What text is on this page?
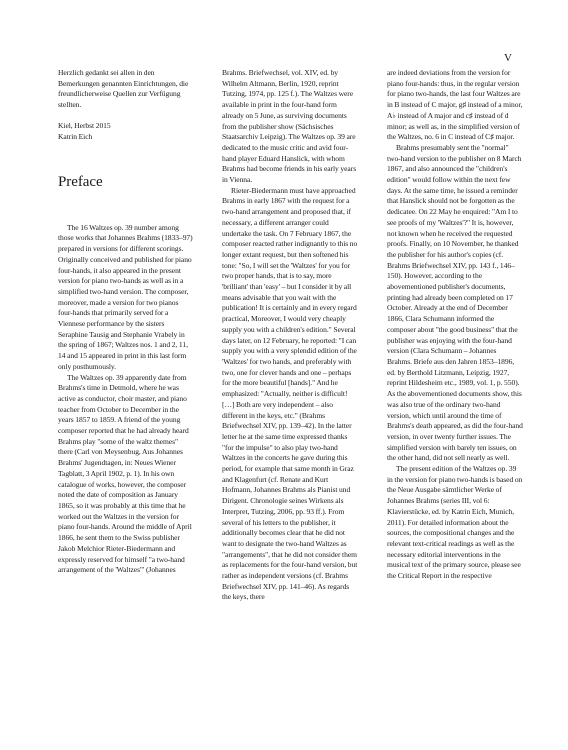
V

Herzlich gedankt sei allen in den Bemerkungen genannten Einrichtungen, die freundlicherweise Quellen zur Verfügung stellten.

Kiel, Herbst 2015

Katrin Eich

Preface

The 16 Waltzes op. 39 number among those works that Johannes Brahms (1833–97) prepared in versions for different scorings. Originally conceived and published for piano four-hands, it also appeared in the present version for piano two-hands as well as in a simplified two-hand version. The composer, moreover, made a version for two pianos four-hands that primarily served for a Viennese performance by the sisters Seraphine Tausig and Stephanie Vrabely in the spring of 1867; Waltzes nos. 1 and 2, 11, 14 and 15 appeared in print in this last form only posthumously.

The Waltzes op. 39 apparently date from Brahms's time in Detmold, where he was active as conductor, choir master, and piano teacher from October to December in the years 1857 to 1859. A friend of the young composer reported that he had already heard Brahms play "some of the waltz themes" there (Carl von Meysenbug, Aus Johannes Brahms' Jugendtagen, in: Neues Wiener Tagblatt, 3 April 1902, p. 1). In his own catalogue of works, however, the composer noted the date of composition as January 1865, so it was probably at this time that he worked out the Waltzes in the version for piano four-hands. Around the middle of April 1866, he sent them to the Swiss publisher Jakob Melchior Rieter-Biedermann and expressly reserved for himself "a two-hand arrangement of the 'Waltzes'" (Johannes

Brahms. Briefwechsel, vol. XIV, ed. by Wilhelm Altmann, Berlin, 1920, reprint Tutzing, 1974, pp. 125 f.). The Waltzes were available in print in the four-hand form already on 5 June, as surviving documents from the publisher show (Sächsisches Staatsarchiv Leipzig). The Waltzes op. 39 are dedicated to the music critic and avid four-hand player Eduard Hanslick, with whom Brahms had become friends in his early years in Vienna.

Rieter-Biedermann must have approached Brahms in early 1867 with the request for a two-hand arrangement and proposed that, if necessary, a different arranger could undertake the task. On 7 February 1867, the composer reacted rather indignantly to this no longer extant request, but then softened his tone: "So, I will set the 'Waltzes' for you for two proper hands, that is to say, more 'brilliant' than 'easy' – but I consider it by all means advisable that you wait with the publication! It is certainly and in every regard practical, Moreover, I would very cheaply supply you with a children's edition." Several days later, on 12 February, he reported: "I can supply you with a very splendid edition of the 'Waltzes' for two hands, and preferably with two, one for clever hands and one – perhaps for the more beautiful [hands]." And he emphasized: "Actually, neither is difficult! […] Both are very independent – also different in the keys, etc." (Brahms Briefwechsel XIV, pp. 139–42). In the latter letter he at the same time expressed thanks "for the impulse" to also play two-hand Waltzes in the concerts he gave during this period, for example that same month in Graz and Klagenfurt (cf. Renate and Kurt Hofmann, Johannes Brahms als Pianist und Dirigent. Chronologie seines Wirkens als Interpret, Tutzing, 2006, pp. 93 ff.). From several of his letters to the publisher, it additionally becomes clear that he did not want to designate the two-hand Waltzes as "arrangements", that he did not consider them as replacements for the four-hand version, but rather as independent versions (cf. Brahms Briefwechsel XIV, pp. 141–46). As regards the keys, there

are indeed deviations from the version for piano four-hands: thus, in the regular version for piano two-hands, the last four Waltzes are in B instead of C major, g♯ instead of a minor, A♭ instead of A major and c♯ instead of d minor; as well as, in the simplified version of the Waltzes, no. 6 in C instead of C♯ major.

Brahms presumably sent the "normal" two-hand version to the publisher on 8 March 1867, and also announced the "children's edition" would follow within the next few days. At the same time, he issued a reminder that Hanslick should not be forgotten as the dedicatee. On 22 May he enquired: "Am I to see proofs of my 'Waltzes'?" It is, however, not known when he received the requested proofs. Finally, on 10 November, he thanked the publisher for his author's copies (cf. Brahms Briefwechsel XIV, pp. 143 f., 146–150). However, according to the abovementioned publisher's documents, printing had already been completed on 17 October. Already at the end of December 1866, Clara Schumann informed the composer about "the good business" that the publisher was enjoying with the four-hand version (Clara Schumann – Johannes Brahms. Briefe aus den Jahren 1853–1896, ed. by Berthold Litzmann, Leipzig, 1927, reprint Hildesheim etc., 1989, vol. 1, p. 550). As the abovementioned documents show, this was also true of the ordinary two-hand version, which until around the time of Brahms's death appeared, as did the four-hand version, in over twenty further issues. The simplified version with barely ten issues, on the other hand, did not sell nearly as well.

The present edition of the Waltzes op. 39 in the version for piano two-hands is based on the Neue Ausgabe sämtlicher Werke of Johannes Brahms (series III, vol 6: Klavierstücke, ed. by Katrin Eich, Munich, 2011). For detailed information about the sources, the compositional changes and the relevant text-critical readings as well as the necessary editorial interventions in the musical text of the primary source, please see the Critical Report in the respective
